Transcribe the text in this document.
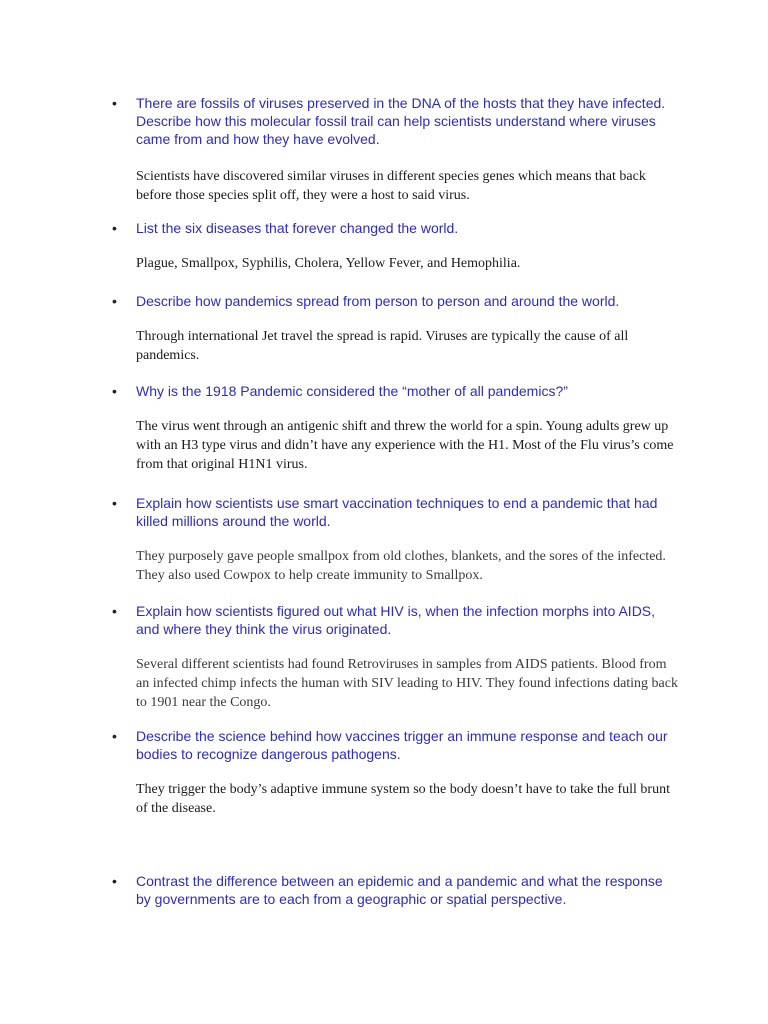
•	There are fossils of viruses preserved in the DNA of the hosts that they have infected. Describe how this molecular fossil trail can help scientists understand where viruses came from and how they have evolved.

Scientists have discovered similar viruses in different species genes which means that back before those species split off, they were a host to said virus.

•	List the six diseases that forever changed the world.

Plague, Smallpox, Syphilis, Cholera, Yellow Fever, and Hemophilia.

•	Describe how pandemics spread from person to person and around the world.

Through international Jet travel the spread is rapid. Viruses are typically the cause of all pandemics.

•	Why is the 1918 Pandemic considered the “mother of all pandemics?”

The virus went through an antigenic shift and threw the world for a spin. Young adults grew up with an H3 type virus and didn’t have any experience with the H1. Most of the Flu virus’s come from that original H1N1 virus.

•	Explain how scientists use smart vaccination techniques to end a pandemic that had killed millions around the world.

They purposely gave people smallpox from old clothes, blankets, and the sores of the infected. They also used Cowpox to help create immunity to Smallpox.

•	Explain how scientists figured out what HIV is, when the infection morphs into AIDS, and where they think the virus originated.

Several different scientists had found Retroviruses in samples from AIDS patients. Blood from an infected chimp infects the human with SIV leading to HIV. They found infections dating back to 1901 near the Congo.

•	Describe the science behind how vaccines trigger an immune response and teach our bodies to recognize dangerous pathogens.

They trigger the body’s adaptive immune system so the body doesn’t have to take the full brunt of the disease.

•	Contrast the difference between an epidemic and a pandemic and what the response by governments are to each from a geographic or spatial perspective.
